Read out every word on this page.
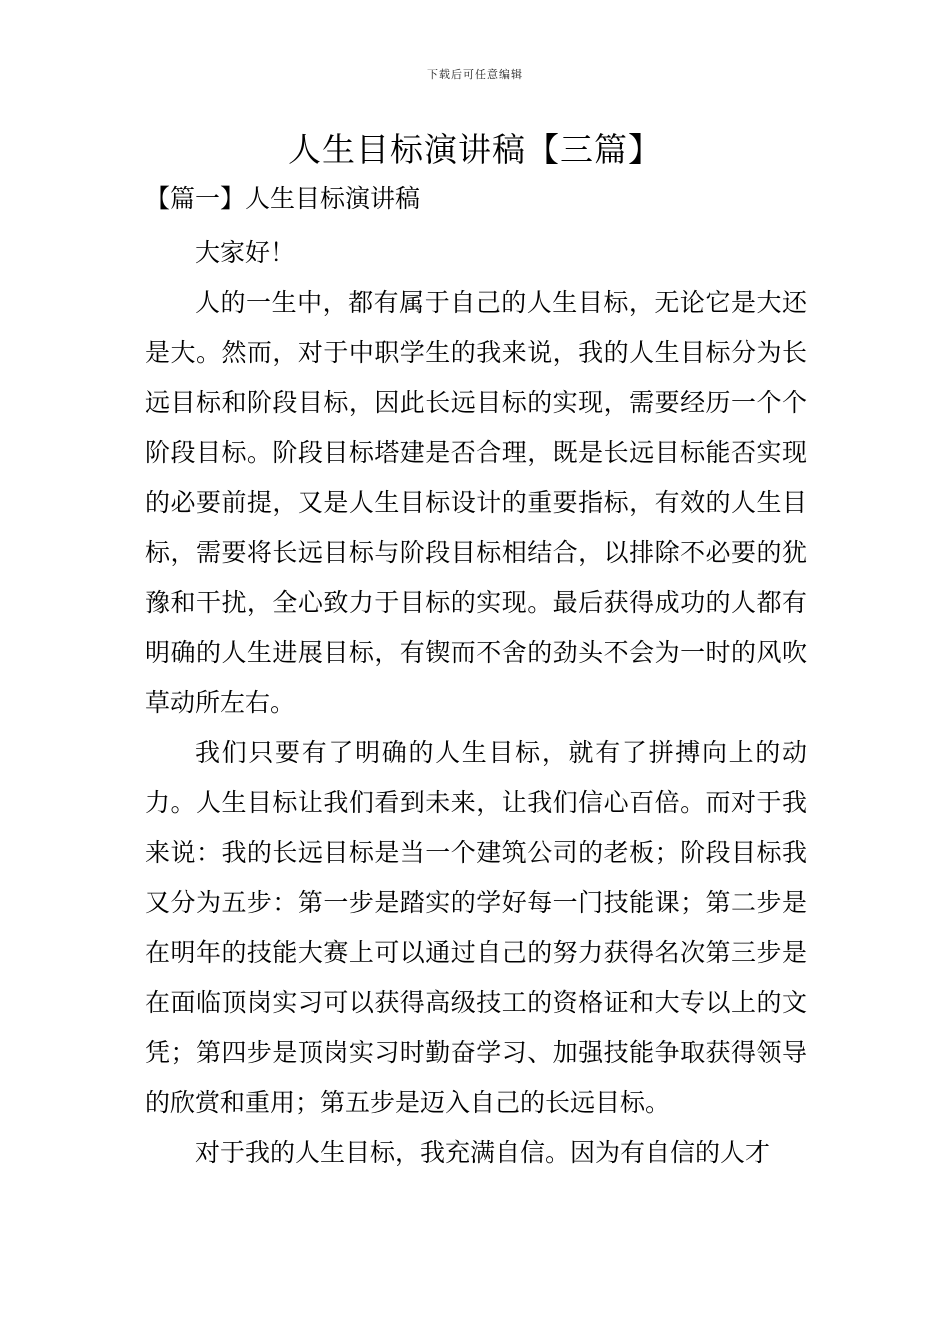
下载后可任意编辑
人生目标演讲稿【三篇】
【篇一】人生目标演讲稿

大家好！

人的一生中，都有属于自己的人生目标，无论它是大还是大。然而，对于中职学生的我来说，我的人生目标分为长远目标和阶段目标，因此长远目标的实现，需要经历一个个阶段目标。阶段目标塔建是否合理，既是长远目标能否实现的必要前提，又是人生目标设计的重要指标，有效的人生目标，需要将长远目标与阶段目标相结合，以排除不必要的犹豫和干扰，全心致力于目标的实现。最后获得成功的人都有明确的人生进展目标，有锲而不舍的劲头不会为一时的风吹草动所左右。

我们只要有了明确的人生目标，就有了拼搏向上的动力。人生目标让我们看到未来，让我们信心百倍。而对于我来说：我的长远目标是当一个建筑公司的老板；阶段目标我又分为五步：第一步是踏实的学好每一门技能课；第二步是在明年的技能大赛上可以通过自己的努力获得名次第三步是在面临顶岗实习可以获得高级技工的资格证和大专以上的文凭；第四步是顶岗实习时勤奋学习、加强技能争取获得领导的欣赏和重用；第五步是迈入自己的长远目标。

对于我的人生目标，我充满自信。因为有自信的人才
